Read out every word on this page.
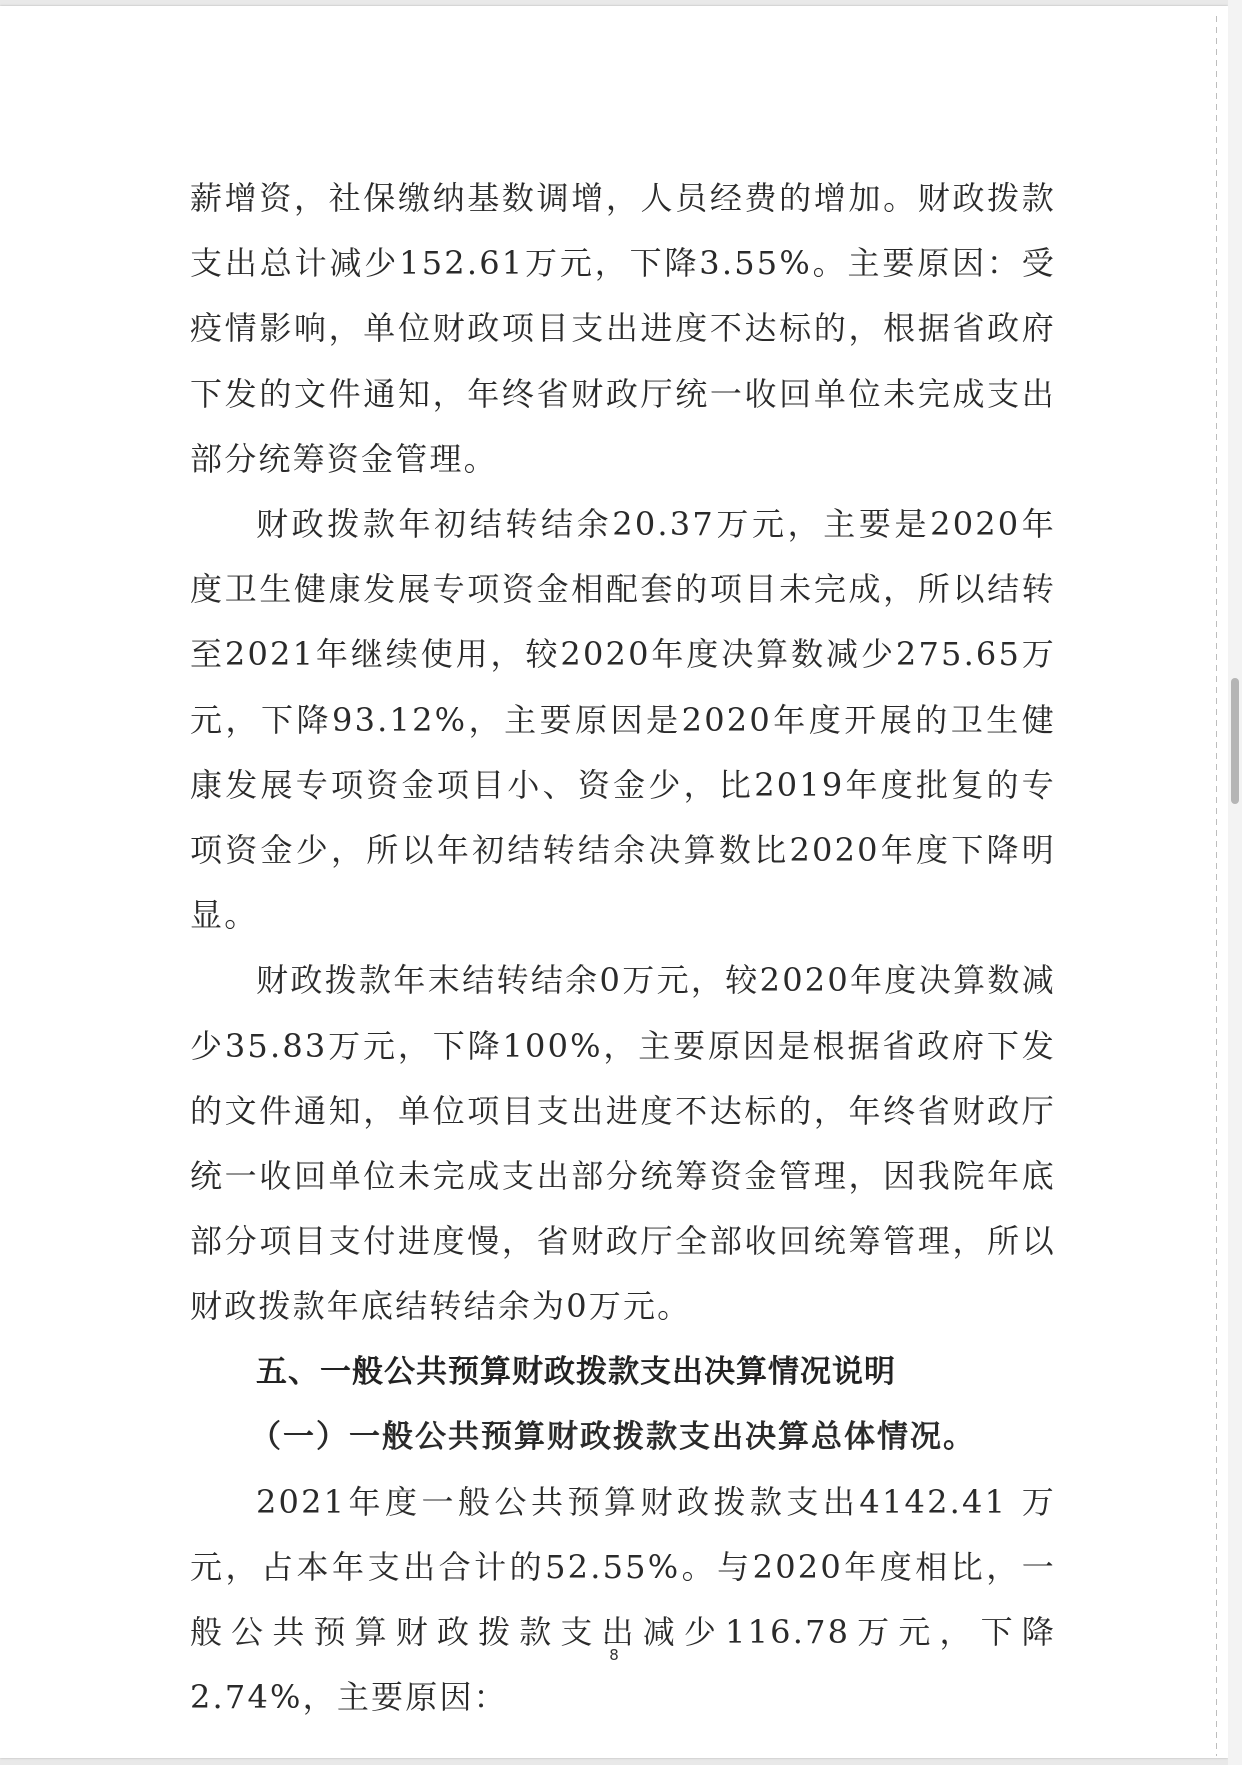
薪增资，社保缴纳基数调增，人员经费的增加。财政拨款支出总计减少152.61万元，下降3.55%。主要原因：受疫情影响，单位财政项目支出进度不达标的，根据省政府下发的文件通知，年终省财政厅统一收回单位未完成支出部分统筹资金管理。

财政拨款年初结转结余20.37万元，主要是2020年度卫生健康发展专项资金相配套的项目未完成，所以结转至2021年继续使用，较2020年度决算数减少275.65万元，下降93.12%，主要原因是2020年度开展的卫生健康发展专项资金项目小、资金少，比2019年度批复的专项资金少，所以年初结转结余决算数比2020年度下降明显。

财政拨款年末结转结余0万元，较2020年度决算数减少35.83万元，下降100%，主要原因是根据省政府下发的文件通知，单位项目支出进度不达标的，年终省财政厅统一收回单位未完成支出部分统筹资金管理，因我院年底部分项目支付进度慢，省财政厅全部收回统筹管理，所以财政拨款年底结转结余为0万元。

五、一般公共预算财政拨款支出决算情况说明
（一）一般公共预算财政拨款支出决算总体情况。

2021年度一般公共预算财政拨款支出4142.41 万元，占本年支出合计的52.55%。与2020年度相比，一般公共预算财政拨款支出减少116.78万元，下降2.74%，主要原因：

8
